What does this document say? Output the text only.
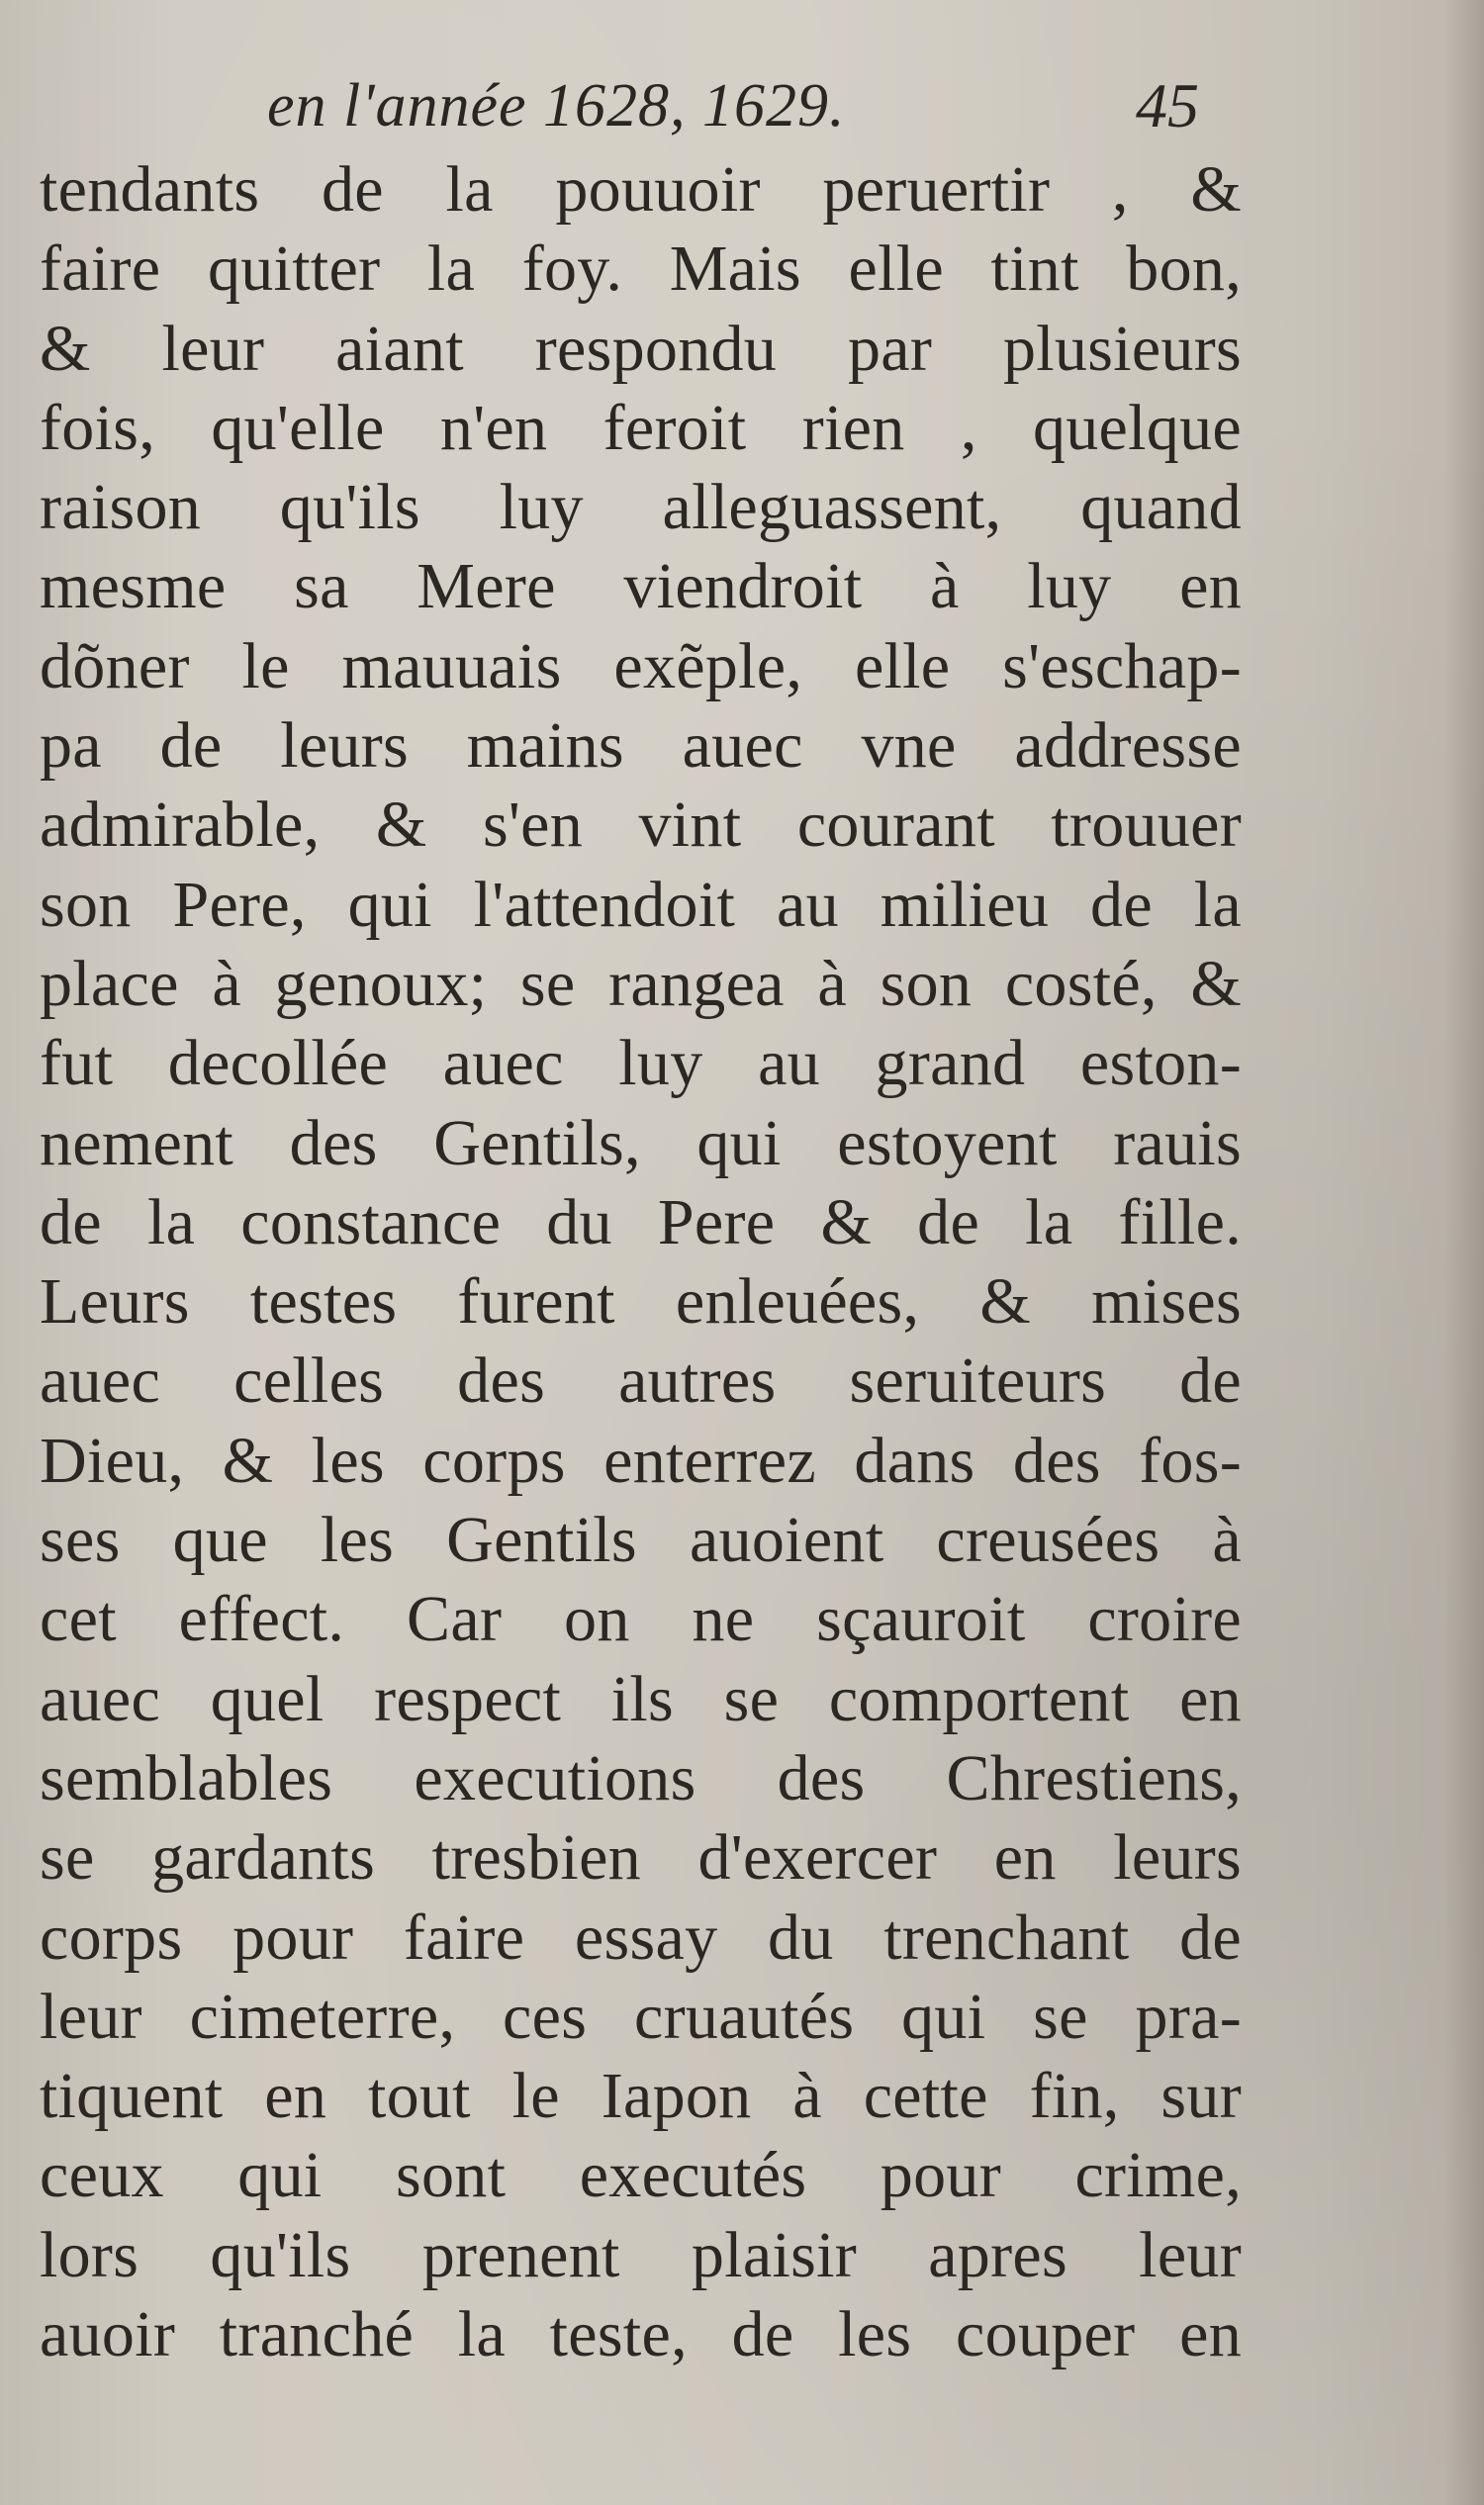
en l'année 1628, 1629.	45
tendants de la pouuoir peruertir , &
faire quitter la foy. Mais elle tint bon,
& leur aiant respondu par plusieurs
fois, qu'elle n'en feroit rien , quelque
raison qu'ils luy alleguassent, quand
mesme sa Mere viendroit à luy en
dõner le mauuais exẽple, elle s'eschap-
pa de leurs mains auec vne addresse
admirable, & s'en vint courant trouuer
son Pere, qui l'attendoit au milieu de la
place à genoux; se rangea à son costé, &
fut decollée auec luy au grand eston-
nement des Gentils, qui estoyent rauis
de la constance du Pere & de la fille.
Leurs testes furent enleuées, & mises
auec celles des autres seruiteurs de
Dieu, & les corps enterrez dans des fos-
ses que les Gentils auoient creusées à
cet effect. Car on ne sçauroit croire
auec quel respect ils se comportent en
semblables executions des Chrestiens,
se gardants tresbien d'exercer en leurs
corps pour faire essay du trenchant de
leur cimeterre, ces cruautés qui se pra-
tiquent en tout le Iapon à cette fin, sur
ceux qui sont executés pour crime,
lors qu'ils prenent plaisir apres leur
auoir tranché la teste, de les couper en
